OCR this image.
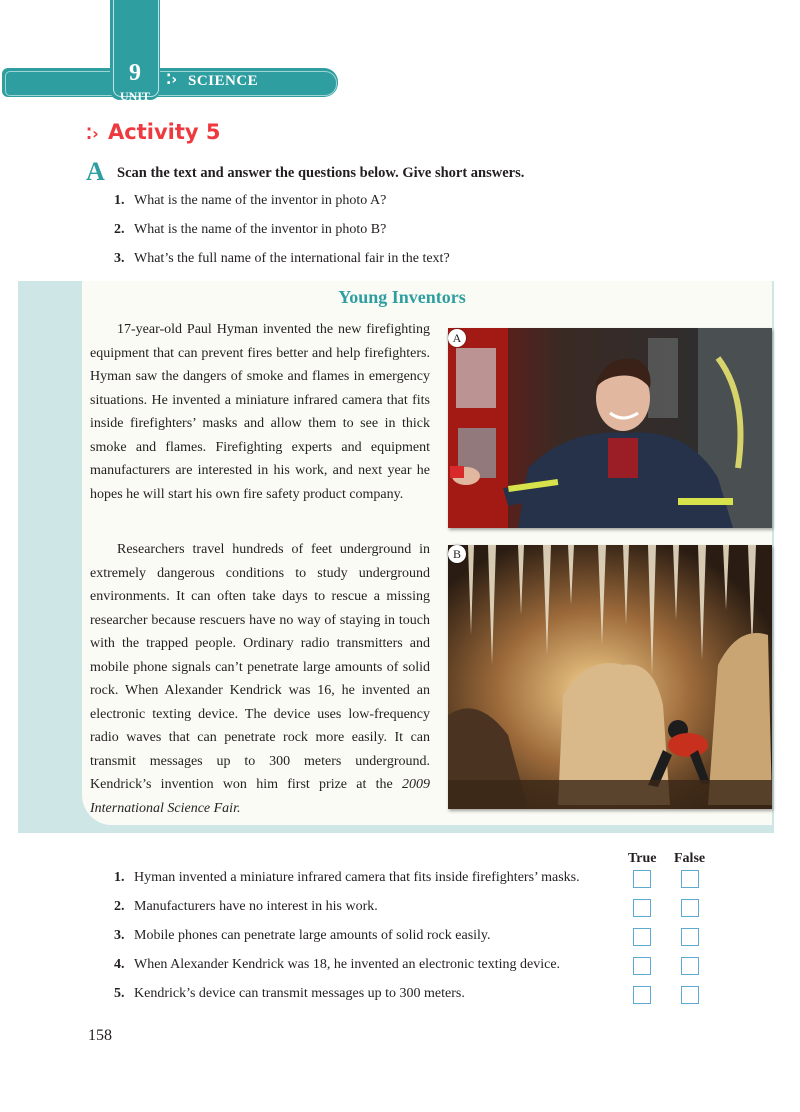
9
UNIT
⁚› SCIENCE
⁚› Activity 5
A Scan the text and answer the questions below. Give short answers.
1. What is the name of the inventor in photo A?
2. What is the name of the inventor in photo B?
3. What’s the full name of the international fair in the text?
Young Inventors
17-year-old Paul Hyman invented the new firefighting equipment that can prevent fires better and help firefighters. Hyman saw the dangers of smoke and flames in emergency situations. He invented a miniature infrared camera that fits inside firefighters’ masks and allow them to see in thick smoke and flames. Firefighting experts and equipment manufacturers are interested in his work, and next year he hopes he will start his own fire safety product company.
Researchers travel hundreds of feet underground in extremely dangerous conditions to study underground environments. It can often take days to rescue a missing researcher because rescuers have no way of staying in touch with the trapped people. Ordinary radio transmitters and mobile phone signals can’t penetrate large amounts of solid rock. When Alexander Kendrick was 16, he invented an electronic texting device. The device uses low-frequency radio waves that can penetrate rock more easily. It can transmit messages up to 300 meters underground. Kendrick’s invention won him first prize at the 2009 International Science Fair.
A
B
True False
1. Hyman invented a miniature infrared camera that fits inside firefighters’ masks.
2. Manufacturers have no interest in his work.
3. Mobile phones can penetrate large amounts of solid rock easily.
4. When Alexander Kendrick was 18, he invented an electronic texting device.
5. Kendrick’s device can transmit messages up to 300 meters.
158
